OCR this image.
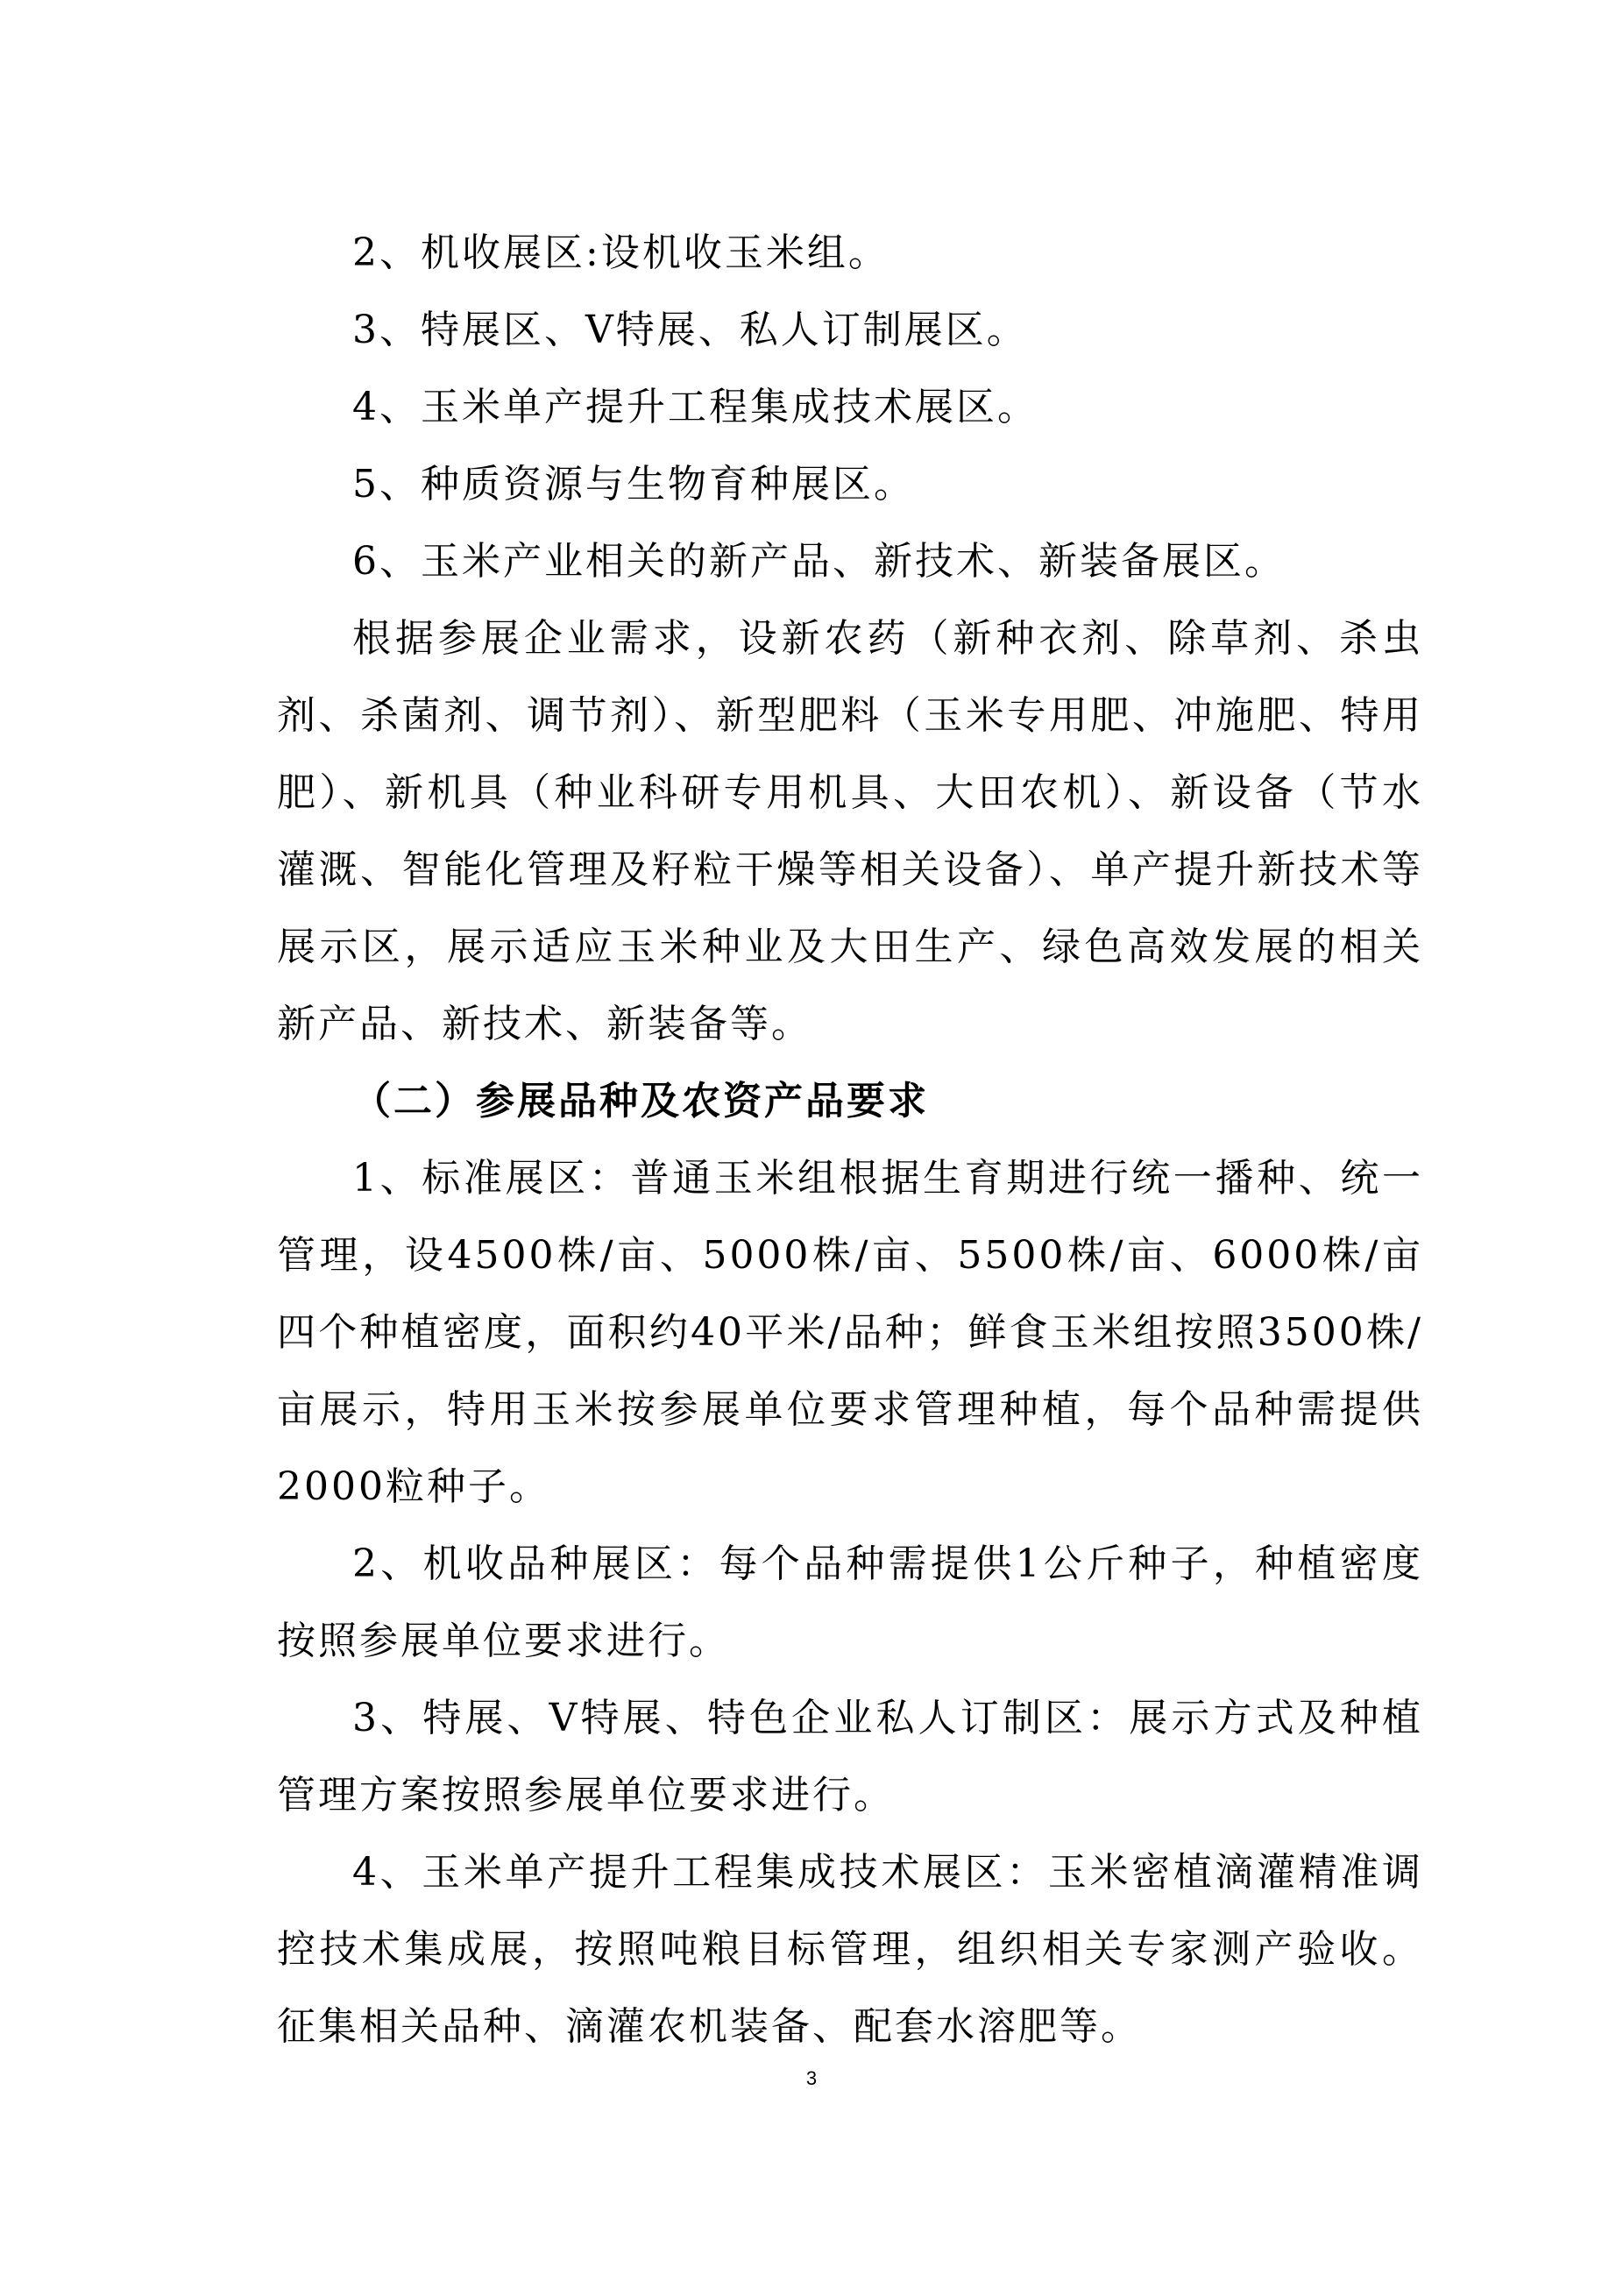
2、机收展区:设机收玉米组。

3、特展区、V特展、私人订制展区。

4、玉米单产提升工程集成技术展区。

5、种质资源与生物育种展区。

6、玉米产业相关的新产品、新技术、新装备展区。

根据参展企业需求，设新农药（新种衣剂、除草剂、杀虫剂、杀菌剂、调节剂）、新型肥料（玉米专用肥、冲施肥、特用肥）、新机具（种业科研专用机具、大田农机）、新设备（节水灌溉、智能化管理及籽粒干燥等相关设备）、单产提升新技术等展示区，展示适应玉米种业及大田生产、绿色高效发展的相关新产品、新技术、新装备等。

（二）参展品种及农资产品要求

1、标准展区：普通玉米组根据生育期进行统一播种、统一管理，设4500株/亩、5000株/亩、5500株/亩、6000株/亩四个种植密度，面积约40平米/品种；鲜食玉米组按照3500株/亩展示，特用玉米按参展单位要求管理种植，每个品种需提供2000粒种子。

2、机收品种展区：每个品种需提供1公斤种子，种植密度按照参展单位要求进行。

3、特展、V特展、特色企业私人订制区：展示方式及种植管理方案按照参展单位要求进行。

4、玉米单产提升工程集成技术展区：玉米密植滴灌精准调控技术集成展，按照吨粮目标管理，组织相关专家测产验收。征集相关品种、滴灌农机装备、配套水溶肥等。

3
